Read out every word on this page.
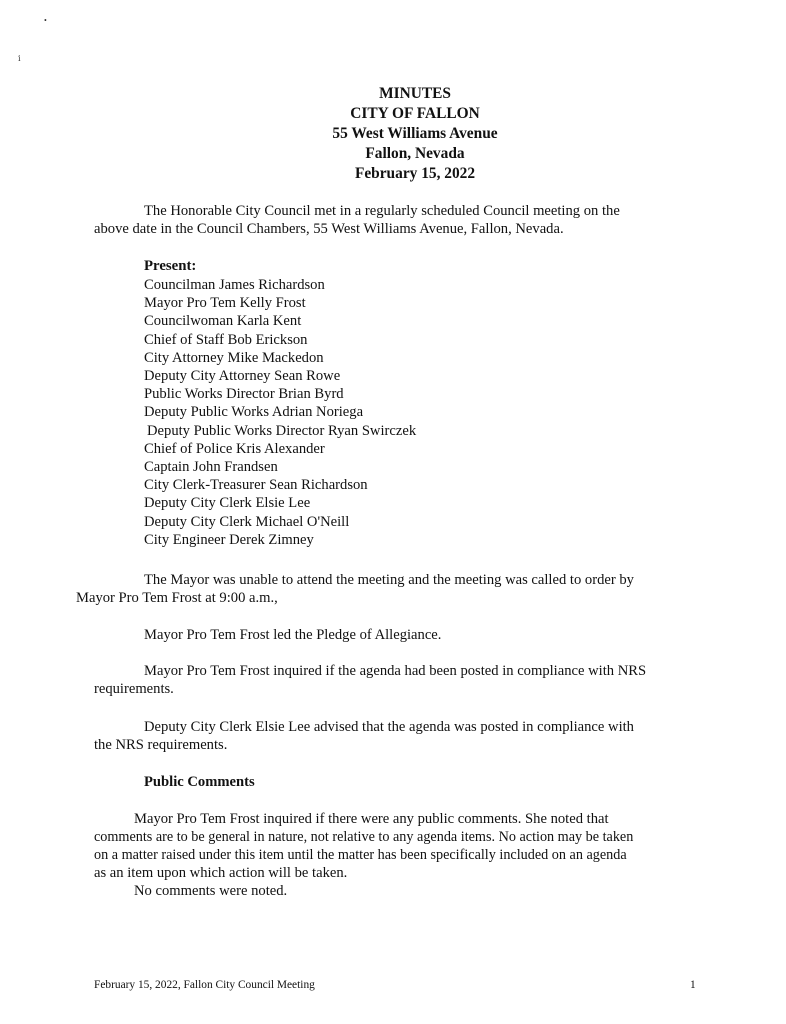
•
ⅰ
MINUTES
CITY OF FALLON
55 West Williams Avenue
Fallon, Nevada
February 15, 2022

The Honorable City Council met in a regularly scheduled Council meeting on the

above date in the Council Chambers, 55 West Williams Avenue, Fallon, Nevada.

Present:
Councilman James Richardson
Mayor Pro Tem Kelly Frost
Councilwoman Karla Kent
Chief of Staff Bob Erickson
City Attorney Mike Mackedon
Deputy City Attorney Sean Rowe
Public Works Director Brian Byrd
Deputy Public Works Adrian Noriega
Deputy Public Works Director Ryan Swirczek
Chief of Police Kris Alexander
Captain John Frandsen
City Clerk-Treasurer Sean Richardson
Deputy City Clerk Elsie Lee
Deputy City Clerk Michael O'Neill
City Engineer Derek Zimney

The Mayor was unable to attend the meeting and the meeting was called to order by

Mayor Pro Tem Frost at 9:00 a.m.,

Mayor Pro Tem Frost led the Pledge of Allegiance.

Mayor Pro Tem Frost inquired if the agenda had been posted in compliance with NRS

requirements.

Deputy City Clerk Elsie Lee advised that the agenda was posted in compliance with

the NRS requirements.

Public Comments

Mayor Pro Tem Frost inquired if there were any public comments. She noted that

comments are to be general in nature, not relative to any agenda items. No action may be taken

on a matter raised under this item until the matter has been specifically included on an agenda

as an item upon which action will be taken.

No comments were noted.

February 15, 2022, Fallon City Council Meeting	1
